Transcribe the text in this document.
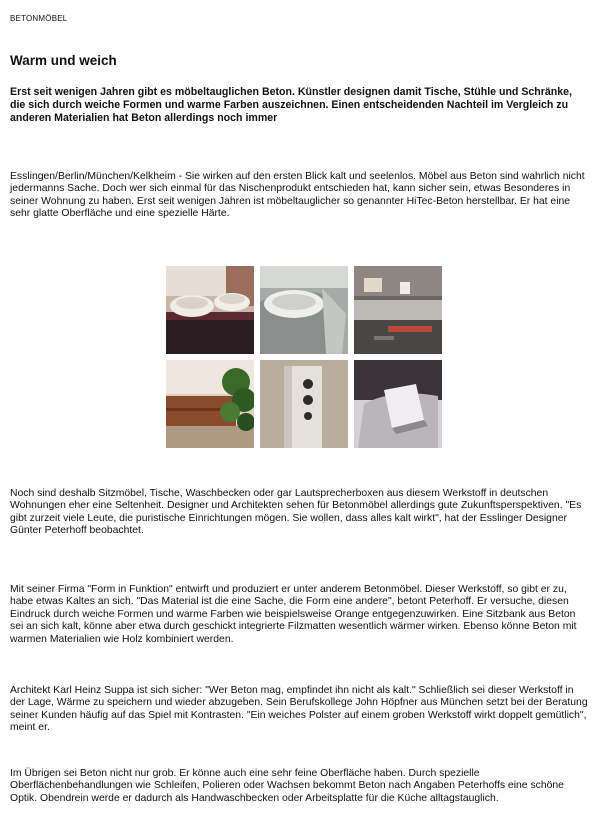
BETONMÖBEL
Warm und weich

Erst seit wenigen Jahren gibt es möbeltauglichen Beton. Künstler designen damit Tische, Stühle und Schränke, die sich durch weiche Formen und warme Farben auszeichnen. Einen entscheidenden Nachteil im Vergleich zu anderen Materialien hat Beton allerdings noch immer

Esslingen/Berlin/München/Kelkheim - Sie wirken auf den ersten Blick kalt und seelenlos. Möbel aus Beton sind wahrlich nicht jedermanns Sache. Doch wer sich einmal für das Nischenprodukt entschieden hat, kann sicher sein, etwas Besonderes in seiner Wohnung zu haben. Erst seit wenigen Jahren ist möbeltauglicher so genannter HiTec-Beton herstellbar. Er hat eine sehr glatte Oberfläche und eine spezielle Härte.

Noch sind deshalb Sitzmöbel, Tische, Waschbecken oder gar Lautsprecherboxen aus diesem Werkstoff in deutschen Wohnungen eher eine Seltenheit. Designer und Architekten sehen für Betonmöbel allerdings gute Zukunftsperspektiven. "Es gibt zurzeit viele Leute, die puristische Einrichtungen mögen. Sie wollen, dass alles kalt wirkt", hat der Esslinger Designer Günter Peterhoff beobachtet.

Mit seiner Firma "Form in Funktion" entwirft und produziert er unter anderem Betonmöbel. Dieser Werkstoff, so gibt er zu, habe etwas Kaltes an sich. "Das Material ist die eine Sache, die Form eine andere", betont Peterhoff. Er versuche, diesen Eindruck durch weiche Formen und warme Farben wie beispielsweise Orange entgegenzuwirken. Eine Sitzbank aus Beton sei an sich kalt, könne aber etwa durch geschickt integrierte Filzmatten wesentlich wärmer wirken. Ebenso könne Beton mit warmen Materialien wie Holz kombiniert werden.

Architekt Karl Heinz Suppa ist sich sicher: "Wer Beton mag, empfindet ihn nicht als kalt." Schließlich sei dieser Werkstoff in der Lage, Wärme zu speichern und wieder abzugeben. Sein Berufskollege John Höpfner aus München setzt bei der Beratung seiner Kunden häufig auf das Spiel mit Kontrasten. "Ein weiches Polster auf einem groben Werkstoff wirkt doppelt gemütlich", meint er.

Im Übrigen sei Beton nicht nur grob. Er könne auch eine sehr feine Oberfläche haben. Durch spezielle Oberflächenbehandlungen wie Schleifen, Polieren oder Wachsen bekommt Beton nach Angaben Peterhoffs eine schöne Optik. Obendrein werde er dadurch als Handwaschbecken oder Arbeitsplatte für die Küche alltagstauglich.
